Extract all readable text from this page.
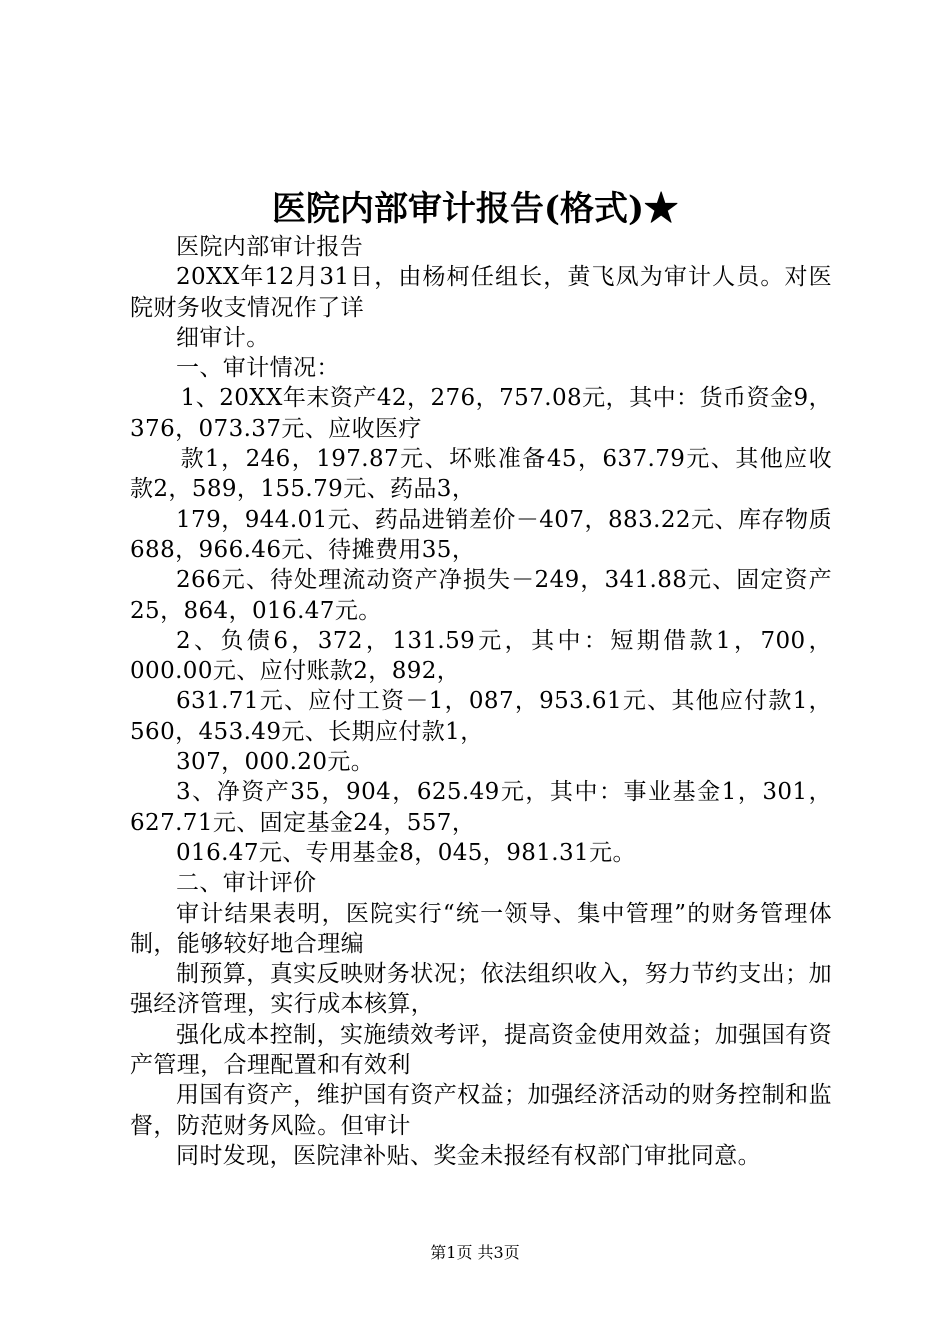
医院内部审计报告(格式)★

医院内部审计报告

20XX年12月31日，由杨柯任组长，黄飞凤为审计人员。对医院财务收支情况作了详

细审计。

一、审计情况：

1、20XX年末资产42，276，757.08元，其中：货币资金9，376，073.37元、应收医疗

款1，246，197.87元、坏账准备45，637.79元、其他应收款2，589，155.79元、药品3，

179，944.01元、药品进销差价－407，883.22元、库存物质688，966.46元、待摊费用35，

266元、待处理流动资产净损失－249，341.88元、固定资产25，864，016.47元。

2、负债6，372，131.59元，其中：短期借款1，700，000.00元、应付账款2，892，

631.71元、应付工资－1，087，953.61元、其他应付款1，560，453.49元、长期应付款1，

307，000.20元。

3、净资产35，904，625.49元，其中：事业基金1，301，627.71元、固定基金24，557，

016.47元、专用基金8，045，981.31元。

二、审计评价

审计结果表明，医院实行“统一领导、集中管理”的财务管理体制，能够较好地合理编

制预算，真实反映财务状况；依法组织收入，努力节约支出；加强经济管理，实行成本核算，

强化成本控制，实施绩效考评，提高资金使用效益；加强国有资产管理，合理配置和有效利

用国有资产，维护国有资产权益；加强经济活动的财务控制和监督，防范财务风险。但审计

同时发现，医院津补贴、奖金未报经有权部门审批同意。

第1页 共3页
